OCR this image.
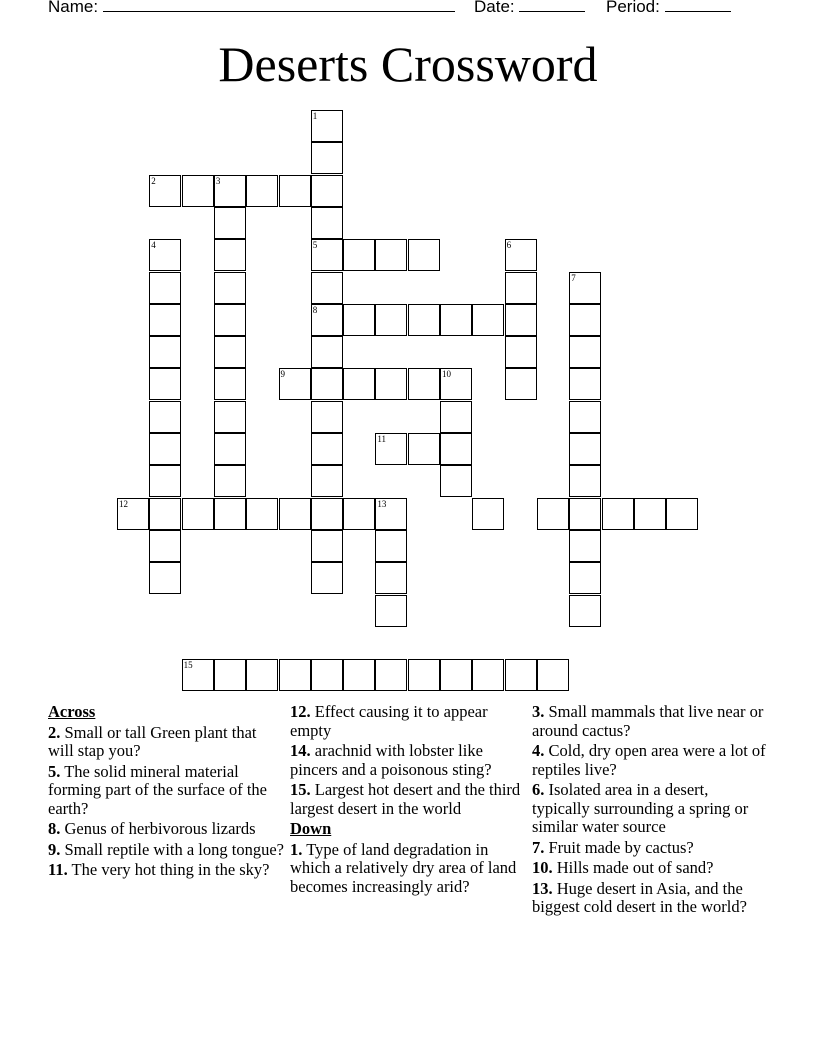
Name:	Date:	Period:
Deserts Crossword
1
5
8
2	3
4	6
7
9	10
11
12	13
15
Across
2. Small or tall Green plant that will stap you?
5. The solid mineral material forming part of the surface of the earth?
8. Genus of herbivorous lizards
9. Small reptile with a long tongue?
11. The very hot thing in the sky?
12. Effect causing it to appear empty
14. arachnid with lobster like pincers and a poisonous sting?
15. Largest hot desert and the third largest desert in the world
Down
1. Type of land degradation in which a relatively dry area of land becomes increasingly arid?
3. Small mammals that live near or around cactus?
4. Cold, dry open area were a lot of reptiles live?
6. Isolated area in a desert, typically surrounding a spring or similar water source
7. Fruit made by cactus?
10. Hills made out of sand?
13. Huge desert in Asia, and the biggest cold desert in the world?
